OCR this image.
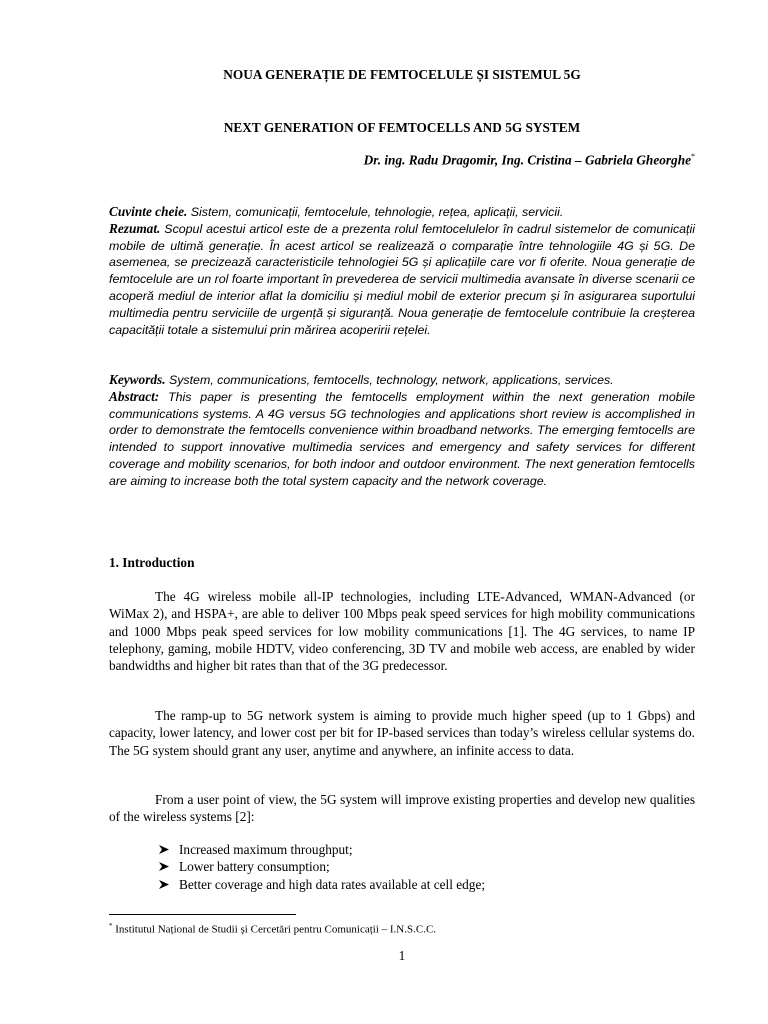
NOUA GENERAȚIE DE FEMTOCELULE ȘI SISTEMUL 5G
NEXT GENERATION OF FEMTOCELLS AND 5G SYSTEM
Dr. ing. Radu Dragomir, Ing. Cristina – Gabriela Gheorghe*
Cuvinte cheie. Sistem, comunicații, femtocelule, tehnologie, rețea, aplicații, servicii.
Rezumat. Scopul acestui articol este de a prezenta rolul femtocelulelor în cadrul sistemelor de comunicații mobile de ultimă generație. În acest articol se realizează o comparație între tehnologiile 4G și 5G. De asemenea, se precizează caracteristicile tehnologiei 5G și aplicațiile care vor fi oferite. Noua generație de femtocelule are un rol foarte important în prevederea de servicii multimedia avansate în diverse scenarii ce acoperă mediul de interior aflat la domiciliu și mediul mobil de exterior precum și în asigurarea suportului multimedia pentru serviciile de urgență și siguranță. Noua generație de femtocelule contribuie la creșterea capacității totale a sistemului prin mărirea acoperirii rețelei.
Keywords. System, communications, femtocells, technology, network, applications, services.
Abstract: This paper is presenting the femtocells employment within the next generation mobile communications systems. A 4G versus 5G technologies and applications short review is accomplished in order to demonstrate the femtocells convenience within broadband networks. The emerging femtocells are intended to support innovative multimedia services and emergency and safety services for different coverage and mobility scenarios, for both indoor and outdoor environment. The next generation femtocells are aiming to increase both the total system capacity and the network coverage.
1. Introduction

The 4G wireless mobile all-IP technologies, including LTE-Advanced, WMAN-Advanced (or WiMax 2), and HSPA+, are able to deliver 100 Mbps peak speed services for high mobility communications and 1000 Mbps peak speed services for low mobility communications [1]. The 4G services, to name IP telephony, gaming, mobile HDTV, video conferencing, 3D TV and mobile web access, are enabled by wider bandwidths and higher bit rates than that of the 3G predecessor.

The ramp-up to 5G network system is aiming to provide much higher speed (up to 1 Gbps) and capacity, lower latency, and lower cost per bit for IP-based services than today’s wireless cellular systems do. The 5G system should grant any user, anytime and anywhere, an infinite access to data.

From a user point of view, the 5G system will improve existing properties and develop new qualities of the wireless systems [2]:

Increased maximum throughput;
Lower battery consumption;
Better coverage and high data rates available at cell edge;
* Institutul Național de Studii și Cercetări pentru Comunicații – I.N.S.C.C.
1
